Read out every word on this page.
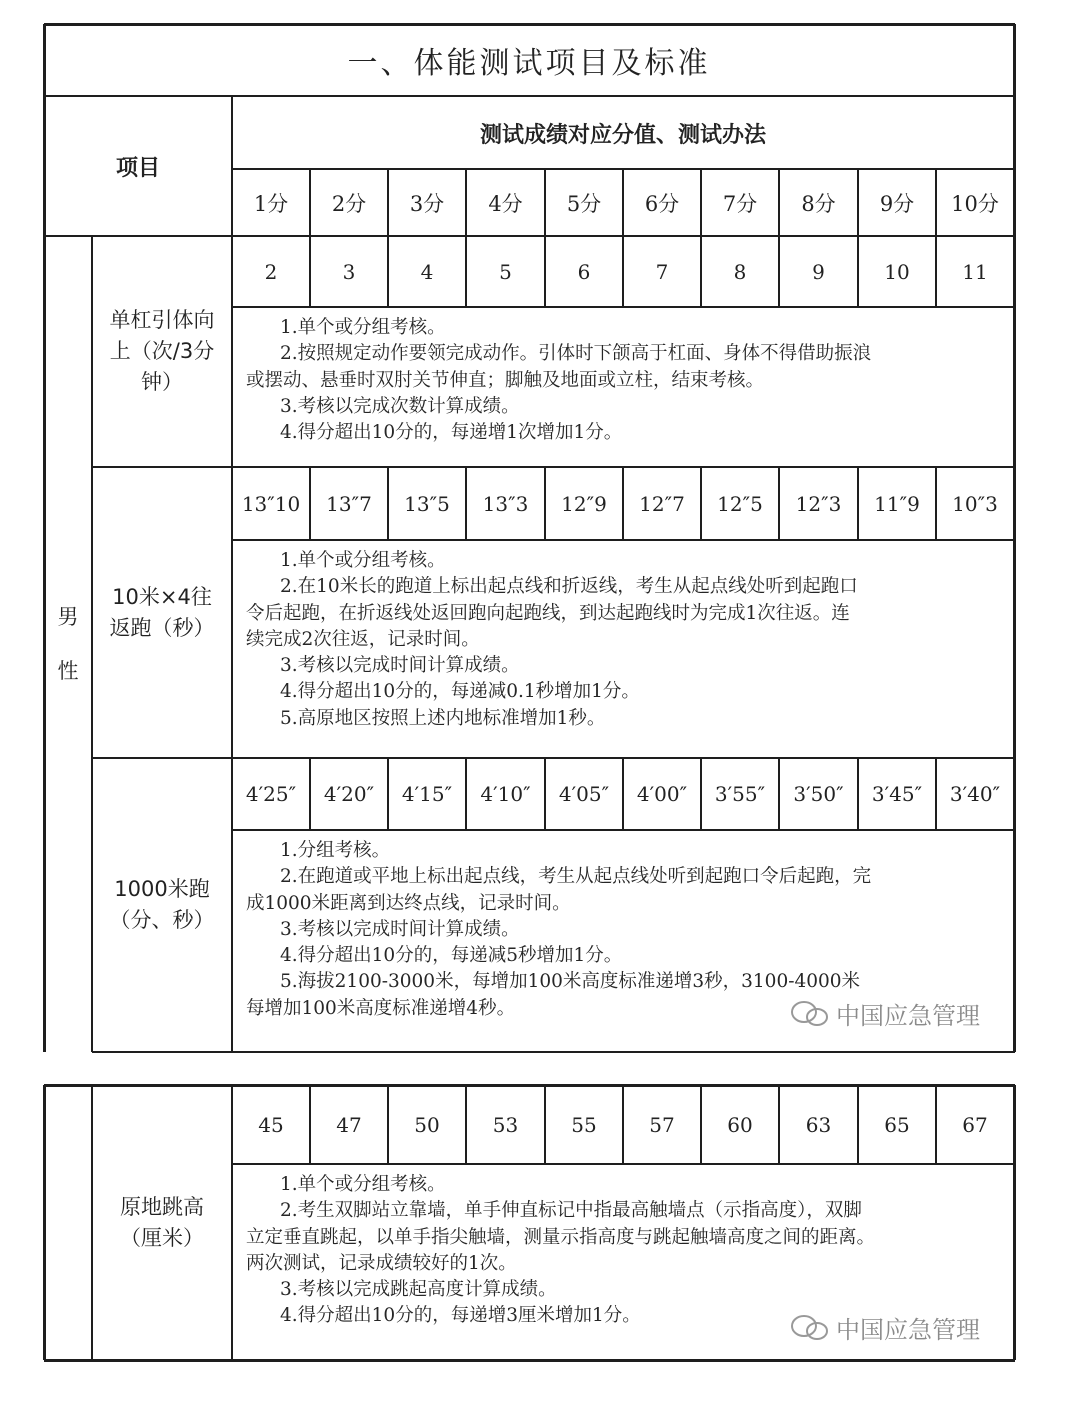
一、体能测试项目及标准
项目
测试成绩对应分值、测试办法
1分	2分	3分	4分	5分	6分	7分	8分	9分	10分
男
性
单杠引体向
上（次/3分
钟）
2	3	4	5	6	7	8	9	10	11
1.单个或分组考核。
2.按照规定动作要领完成动作。引体时下颌高于杠面、身体不得借助振浪
或摆动、悬垂时双肘关节伸直；脚触及地面或立柱，结束考核。
3.考核以完成次数计算成绩。
4.得分超出10分的，每递增1次增加1分。
10米×4往
返跑（秒）
13″10	13″7	13″5	13″3	12″9	12″7	12″5	12″3	11″9	10″3
1.单个或分组考核。
2.在10米长的跑道上标出起点线和折返线，考生从起点线处听到起跑口
令后起跑，在折返线处返回跑向起跑线，到达起跑线时为完成1次往返。连
续完成2次往返，记录时间。
3.考核以完成时间计算成绩。
4.得分超出10分的，每递减0.1秒增加1分。
5.高原地区按照上述内地标准增加1秒。
1000米跑
（分、秒）
4′25″	4′20″	4′15″	4′10″	4′05″	4′00″	3′55″	3′50″	3′45″	3′40″
1.分组考核。
2.在跑道或平地上标出起点线，考生从起点线处听到起跑口令后起跑，完
成1000米距离到达终点线，记录时间。
3.考核以完成时间计算成绩。
4.得分超出10分的，每递减5秒增加1分。
5.海拔2100-3000米，每增加100米高度标准递增3秒，3100-4000米
每增加100米高度标准递增4秒。
原地跳高
（厘米）
45	47	50	53	55	57	60	63	65	67
1.单个或分组考核。
2.考生双脚站立靠墙，单手伸直标记中指最高触墙点（示指高度），双脚
立定垂直跳起，以单手指尖触墙，测量示指高度与跳起触墙高度之间的距离。
两次测试，记录成绩较好的1次。
3.考核以完成跳起高度计算成绩。
4.得分超出10分的，每递增3厘米增加1分。
中国应急管理
中国应急管理
